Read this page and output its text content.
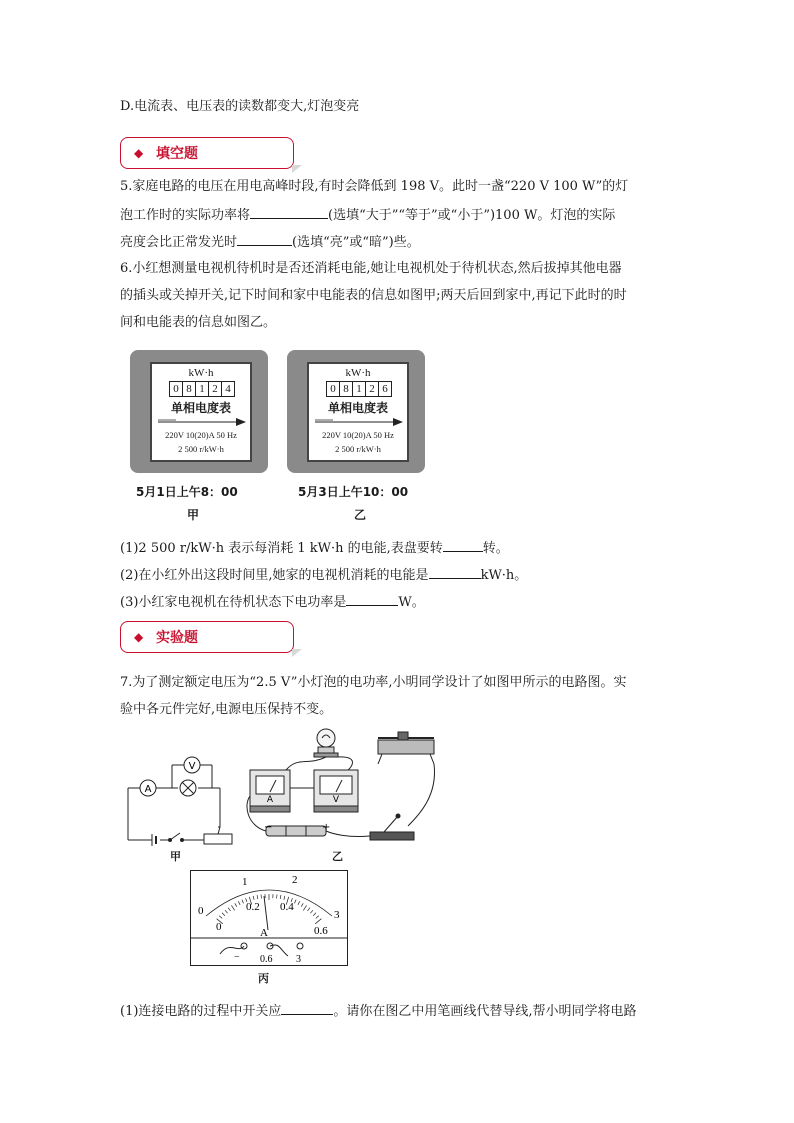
D.电流表、电压表的读数都变大,灯泡变亮
◆ 填空题
5.家庭电路的电压在用电高峰时段,有时会降低到 198 V。此时一盏“220 V 100 W”的灯
泡工作时的实际功率将	(选填“大于”“等于”或“小于”)100 W。灯泡的实际
亮度会比正常发光时	(选填“亮”或“暗”)些。
6.小红想测量电视机待机时是否还消耗电能,她让电视机处于待机状态,然后拔掉其他电器
的插头或关掉开关,记下时间和家中电能表的信息如图甲;两天后回到家中,再记下此时的时
间和电能表的信息如图乙。
kW·h
0 8 1 2 4
单相电度表
220V 10(20)A 50 Hz
2 500 r/kW·h
5月1日上午8：00
甲
kW·h
0 8 1 2 6
单相电度表
220V 10(20)A 50 Hz
2 500 r/kW·h
5月3日上午10：00
乙
(1)2 500 r/kW·h 表示每消耗 1 kW·h 的电能,表盘要转	转。
(2)在小红外出这段时间里,她家的电视机消耗的电能是	kW·h。
(3)小红家电视机在待机状态下电功率是	W。
◆ 实验题
7.为了测定额定电压为“2.5 V”小灯泡的电功率,小明同学设计了如图甲所示的电路图。实
验中各元件完好,电源电压保持不变。
A
V
甲
−	+
A	V
乙
0
1	2
3
0
0.2 0.4
0.6
A
− 0.6 3
丙
(1)连接电路的过程中开关应	。请你在图乙中用笔画线代替导线,帮小明同学将电路
